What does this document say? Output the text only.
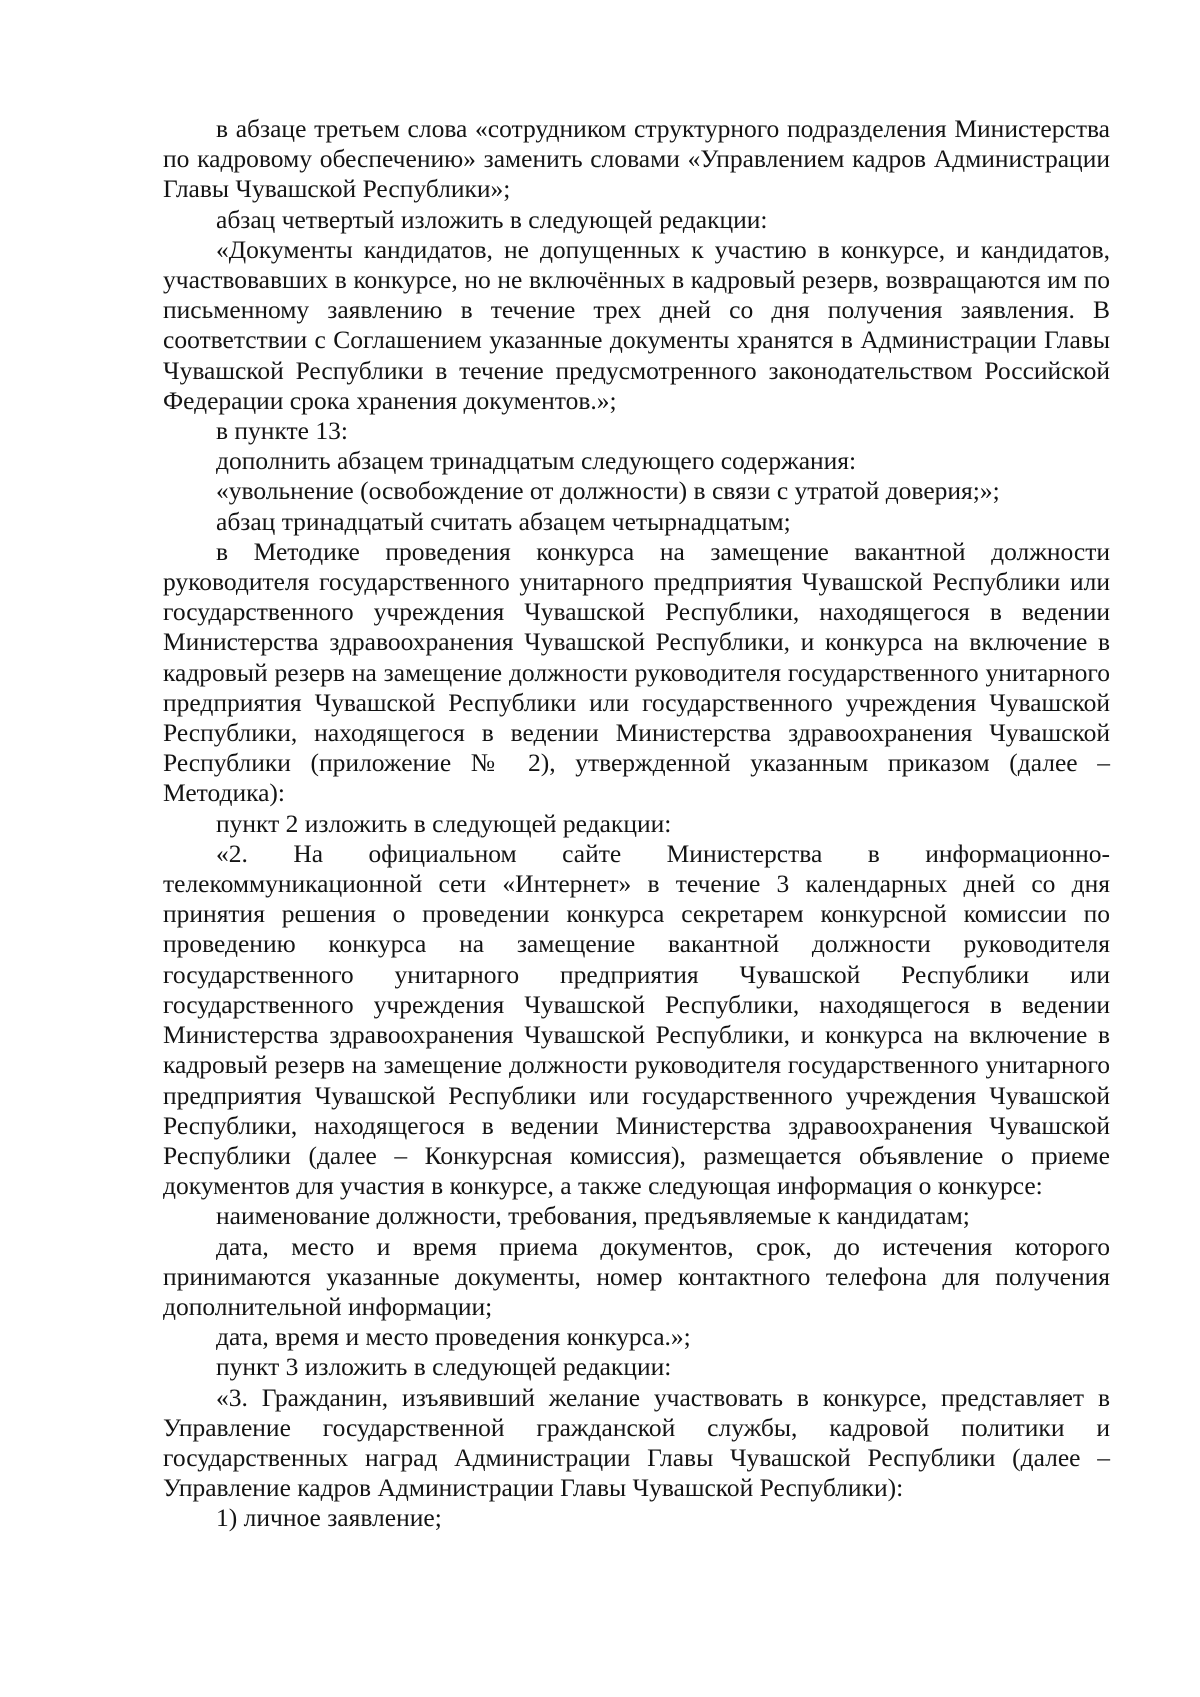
в абзаце третьем слова «сотрудником структурного подразделения Министерства по кадровому обеспечению» заменить словами «Управлением кадров Администрации Главы Чувашской Республики»;

абзац четвертый изложить в следующей редакции:

«Документы кандидатов, не допущенных к участию в конкурсе, и кандидатов, участвовавших в конкурсе, но не включённых в кадровый резерв, возвращаются им по письменному заявлению в течение трех дней со дня получения заявления. В соответствии с Соглашением указанные документы хранятся в Администрации Главы Чувашской Республики в течение предусмотренного законодательством Российской Федерации срока хранения документов.»;

в пункте 13:

дополнить абзацем тринадцатым следующего содержания:

«увольнение (освобождение от должности) в связи с утратой доверия;»;

абзац тринадцатый считать абзацем четырнадцатым;

в Методике проведения конкурса на замещение вакантной должности руководителя государственного унитарного предприятия Чувашской Республики или государственного учреждения Чувашской Республики, находящегося в ведении Министерства здравоохранения Чувашской Республики, и конкурса на включение в кадровый резерв на замещение должности руководителя государственного унитарного предприятия Чувашской Республики или государственного учреждения Чувашской Республики, находящегося в ведении Министерства здравоохранения Чувашской Республики (приложение № 2), утвержденной указанным приказом (далее – Методика):

пункт 2 изложить в следующей редакции:

«2. На официальном сайте Министерства в информационно-телекоммуникационной сети «Интернет» в течение 3 календарных дней со дня принятия решения о проведении конкурса секретарем конкурсной комиссии по проведению конкурса на замещение вакантной должности руководителя государственного унитарного предприятия Чувашской Республики или государственного учреждения Чувашской Республики, находящегося в ведении Министерства здравоохранения Чувашской Республики, и конкурса на включение в кадровый резерв на замещение должности руководителя государственного унитарного предприятия Чувашской Республики или государственного учреждения Чувашской Республики, находящегося в ведении Министерства здравоохранения Чувашской Республики (далее – Конкурсная комиссия), размещается объявление о приеме документов для участия в конкурсе, а также следующая информация о конкурсе:

наименование должности, требования, предъявляемые к кандидатам;

дата, место и время приема документов, срок, до истечения которого принимаются указанные документы, номер контактного телефона для получения дополнительной информации;

дата, время и место проведения конкурса.»;

пункт 3 изложить в следующей редакции:

«3. Гражданин, изъявивший желание участвовать в конкурсе, представляет в Управление государственной гражданской службы, кадровой политики и государственных наград Администрации Главы Чувашской Республики (далее – Управление кадров Администрации Главы Чувашской Республики):

1) личное заявление;
